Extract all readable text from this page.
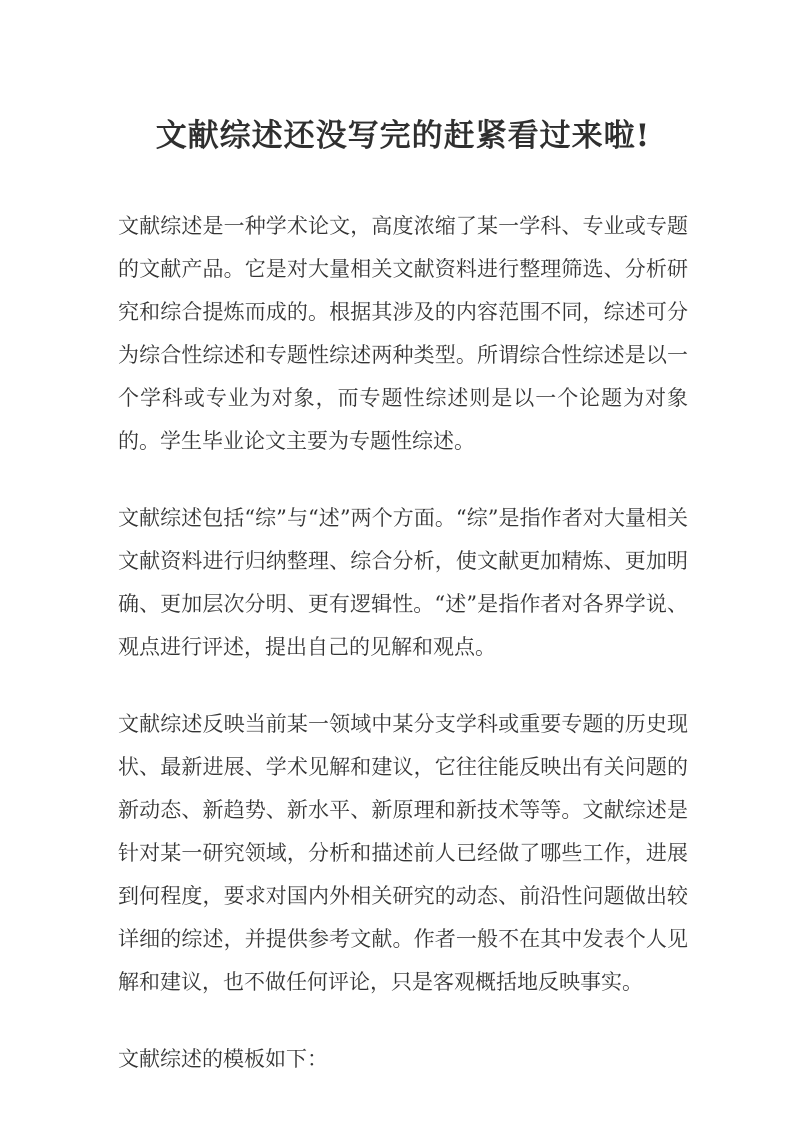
文献综述还没写完的赶紧看过来啦!

文献综述是一种学术论文，高度浓缩了某一学科、专业或专题的文献产品。它是对大量相关文献资料进行整理筛选、分析研究和综合提炼而成的。根据其涉及的内容范围不同，综述可分为综合性综述和专题性综述两种类型。所谓综合性综述是以一个学科或专业为对象，而专题性综述则是以一个论题为对象的。学生毕业论文主要为专题性综述。

文献综述包括“综”与“述”两个方面。“综”是指作者对大量相关文献资料进行归纳整理、综合分析，使文献更加精炼、更加明确、更加层次分明、更有逻辑性。“述”是指作者对各界学说、观点进行评述，提出自己的见解和观点。

文献综述反映当前某一领域中某分支学科或重要专题的历史现状、最新进展、学术见解和建议，它往往能反映出有关问题的新动态、新趋势、新水平、新原理和新技术等等。文献综述是针对某一研究领域，分析和描述前人已经做了哪些工作，进展到何程度，要求对国内外相关研究的动态、前沿性问题做出较详细的综述，并提供参考文献。作者一般不在其中发表个人见解和建议，也不做任何评论，只是客观概括地反映事实。

文献综述的模板如下：
